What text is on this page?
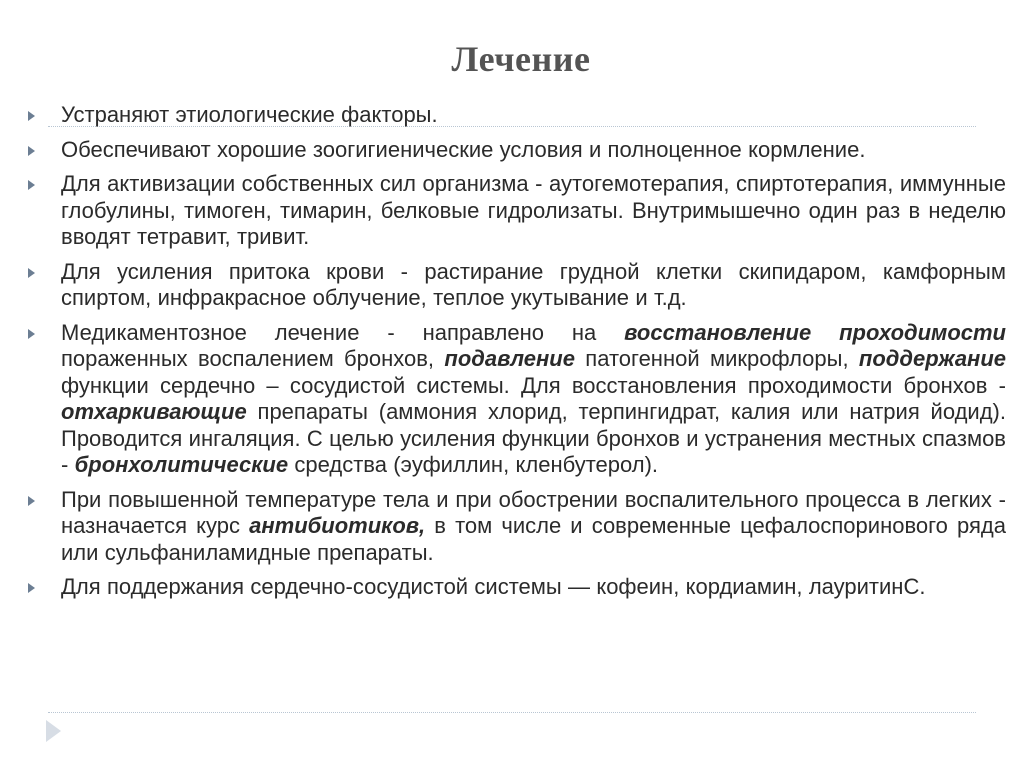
Лечение
Устраняют этиологические факторы.
Обеспечивают хорошие зоогигиенические условия и полноценное кормление.
Для активизации собственных сил организма - аутогемотерапия, спиртотерапия, иммунные глобулины, тимоген, тимарин, белковые гидролизаты. Внутримышечно один раз в неделю вводят тетравит, тривит.
Для усиления притока крови - растирание грудной клетки скипидаром, камфорным спиртом, инфракрасное облучение, теплое укутывание и т.д.
Медикаментозное лечение - направлено на восстановление проходимости пораженных воспалением бронхов, подавление патогенной микрофлоры, поддержание функции сердечно – сосудистой системы. Для восстановления проходимости бронхов - отхаркивающие препараты (аммония хлорид, терпингидрат, калия или натрия йодид). Проводится ингаляция. С целью усиления функции бронхов и устранения местных спазмов - бронхолитические средства (эуфиллин, кленбутерол).
При повышенной температуре тела и при обострении воспалительного процесса в легких - назначается курс антибиотиков, в том числе и современные цефалоспоринового ряда или сульфаниламидные препараты.
Для поддержания сердечно-сосудистой системы — кофеин, кордиамин, лауритинС.
